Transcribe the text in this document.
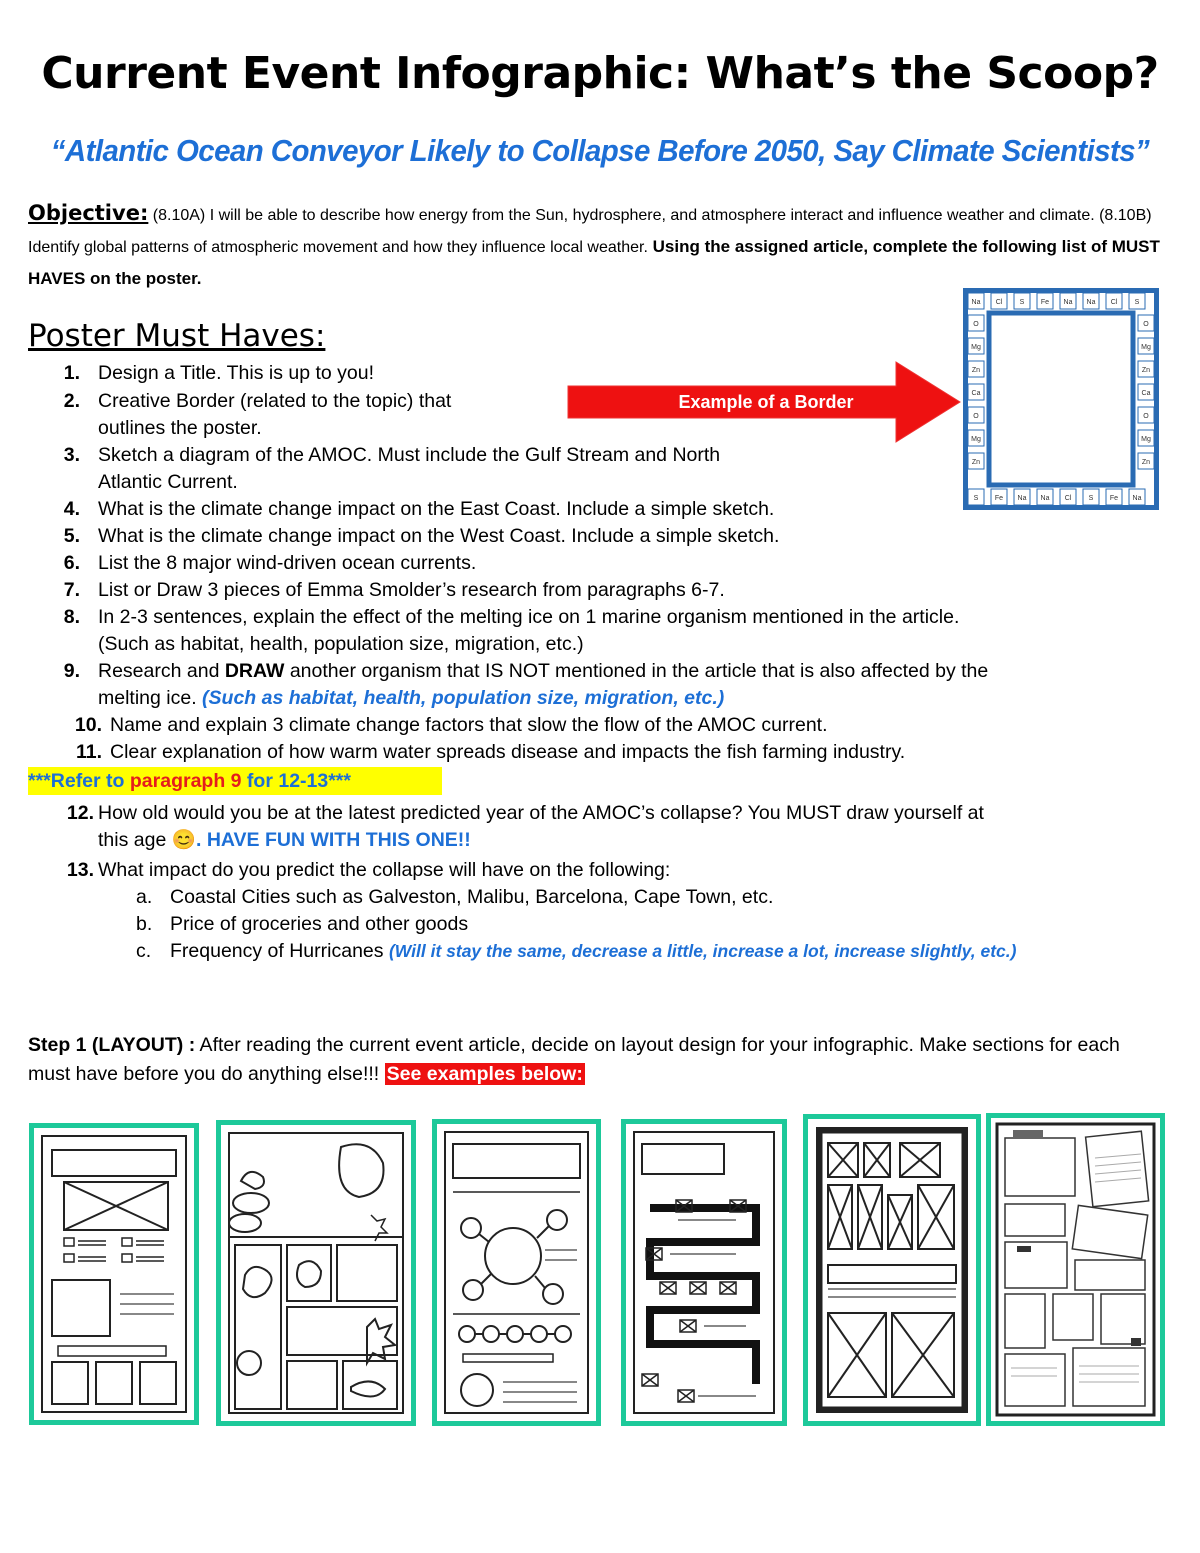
Current Event Infographic: What’s the Scoop?
“Atlantic Ocean Conveyor Likely to Collapse Before 2050, Say Climate Scientists”
Objective: (8.10A) I will be able to describe how energy from the Sun, hydrosphere, and atmosphere interact and influence weather and climate. (8.10B) Identify global patterns of atmospheric movement and how they influence local weather. Using the assigned article, complete the following list of MUST HAVES on the poster.
Poster Must Haves:
Example of a Border
Na
S
Cl
Fe
S
Na
Fe
Na
Na
Cl
Na
S
Cl
Fe
S
Na
O	O
Mg	Mg
Zn	Zn
Ca	Ca
O	O
Mg	Mg
Zn	Zn
1. Design a Title. This is up to you!
2. Creative Border (related to the topic) that
outlines the poster.
3. Sketch a diagram of the AMOC. Must include the Gulf Stream and North
Atlantic Current.
4. What is the climate change impact on the East Coast. Include a simple sketch.
5. What is the climate change impact on the West Coast. Include a simple sketch.
6. List the 8 major wind-driven ocean currents.
7. List or Draw 3 pieces of Emma Smolder’s research from paragraphs 6-7.
8. In 2-3 sentences, explain the effect of the melting ice on 1 marine organism mentioned in the article.
(Such as habitat, health, population size, migration, etc.)
9. Research and DRAW another organism that IS NOT mentioned in the article that is also affected by the
melting ice. (Such as habitat, health, population size, migration, etc.)
10. Name and explain 3 climate change factors that slow the flow of the AMOC current.
11. Clear explanation of how warm water spreads disease and impacts the fish farming industry.
***Refer to paragraph 9 for 12-13***
12. How old would you be at the latest predicted year of the AMOC’s collapse? You MUST draw yourself at
this age 😊. HAVE FUN WITH THIS ONE!!
13. What impact do you predict the collapse will have on the following:
a. Coastal Cities such as Galveston, Malibu, Barcelona, Cape Town, etc.
b. Price of groceries and other goods
c. Frequency of Hurricanes (Will it stay the same, decrease a little, increase a lot, increase slightly, etc.)
Step 1 (LAYOUT) : After reading the current event article, decide on layout design for your infographic. Make sections for each must have before you do anything else!!! See examples below:
